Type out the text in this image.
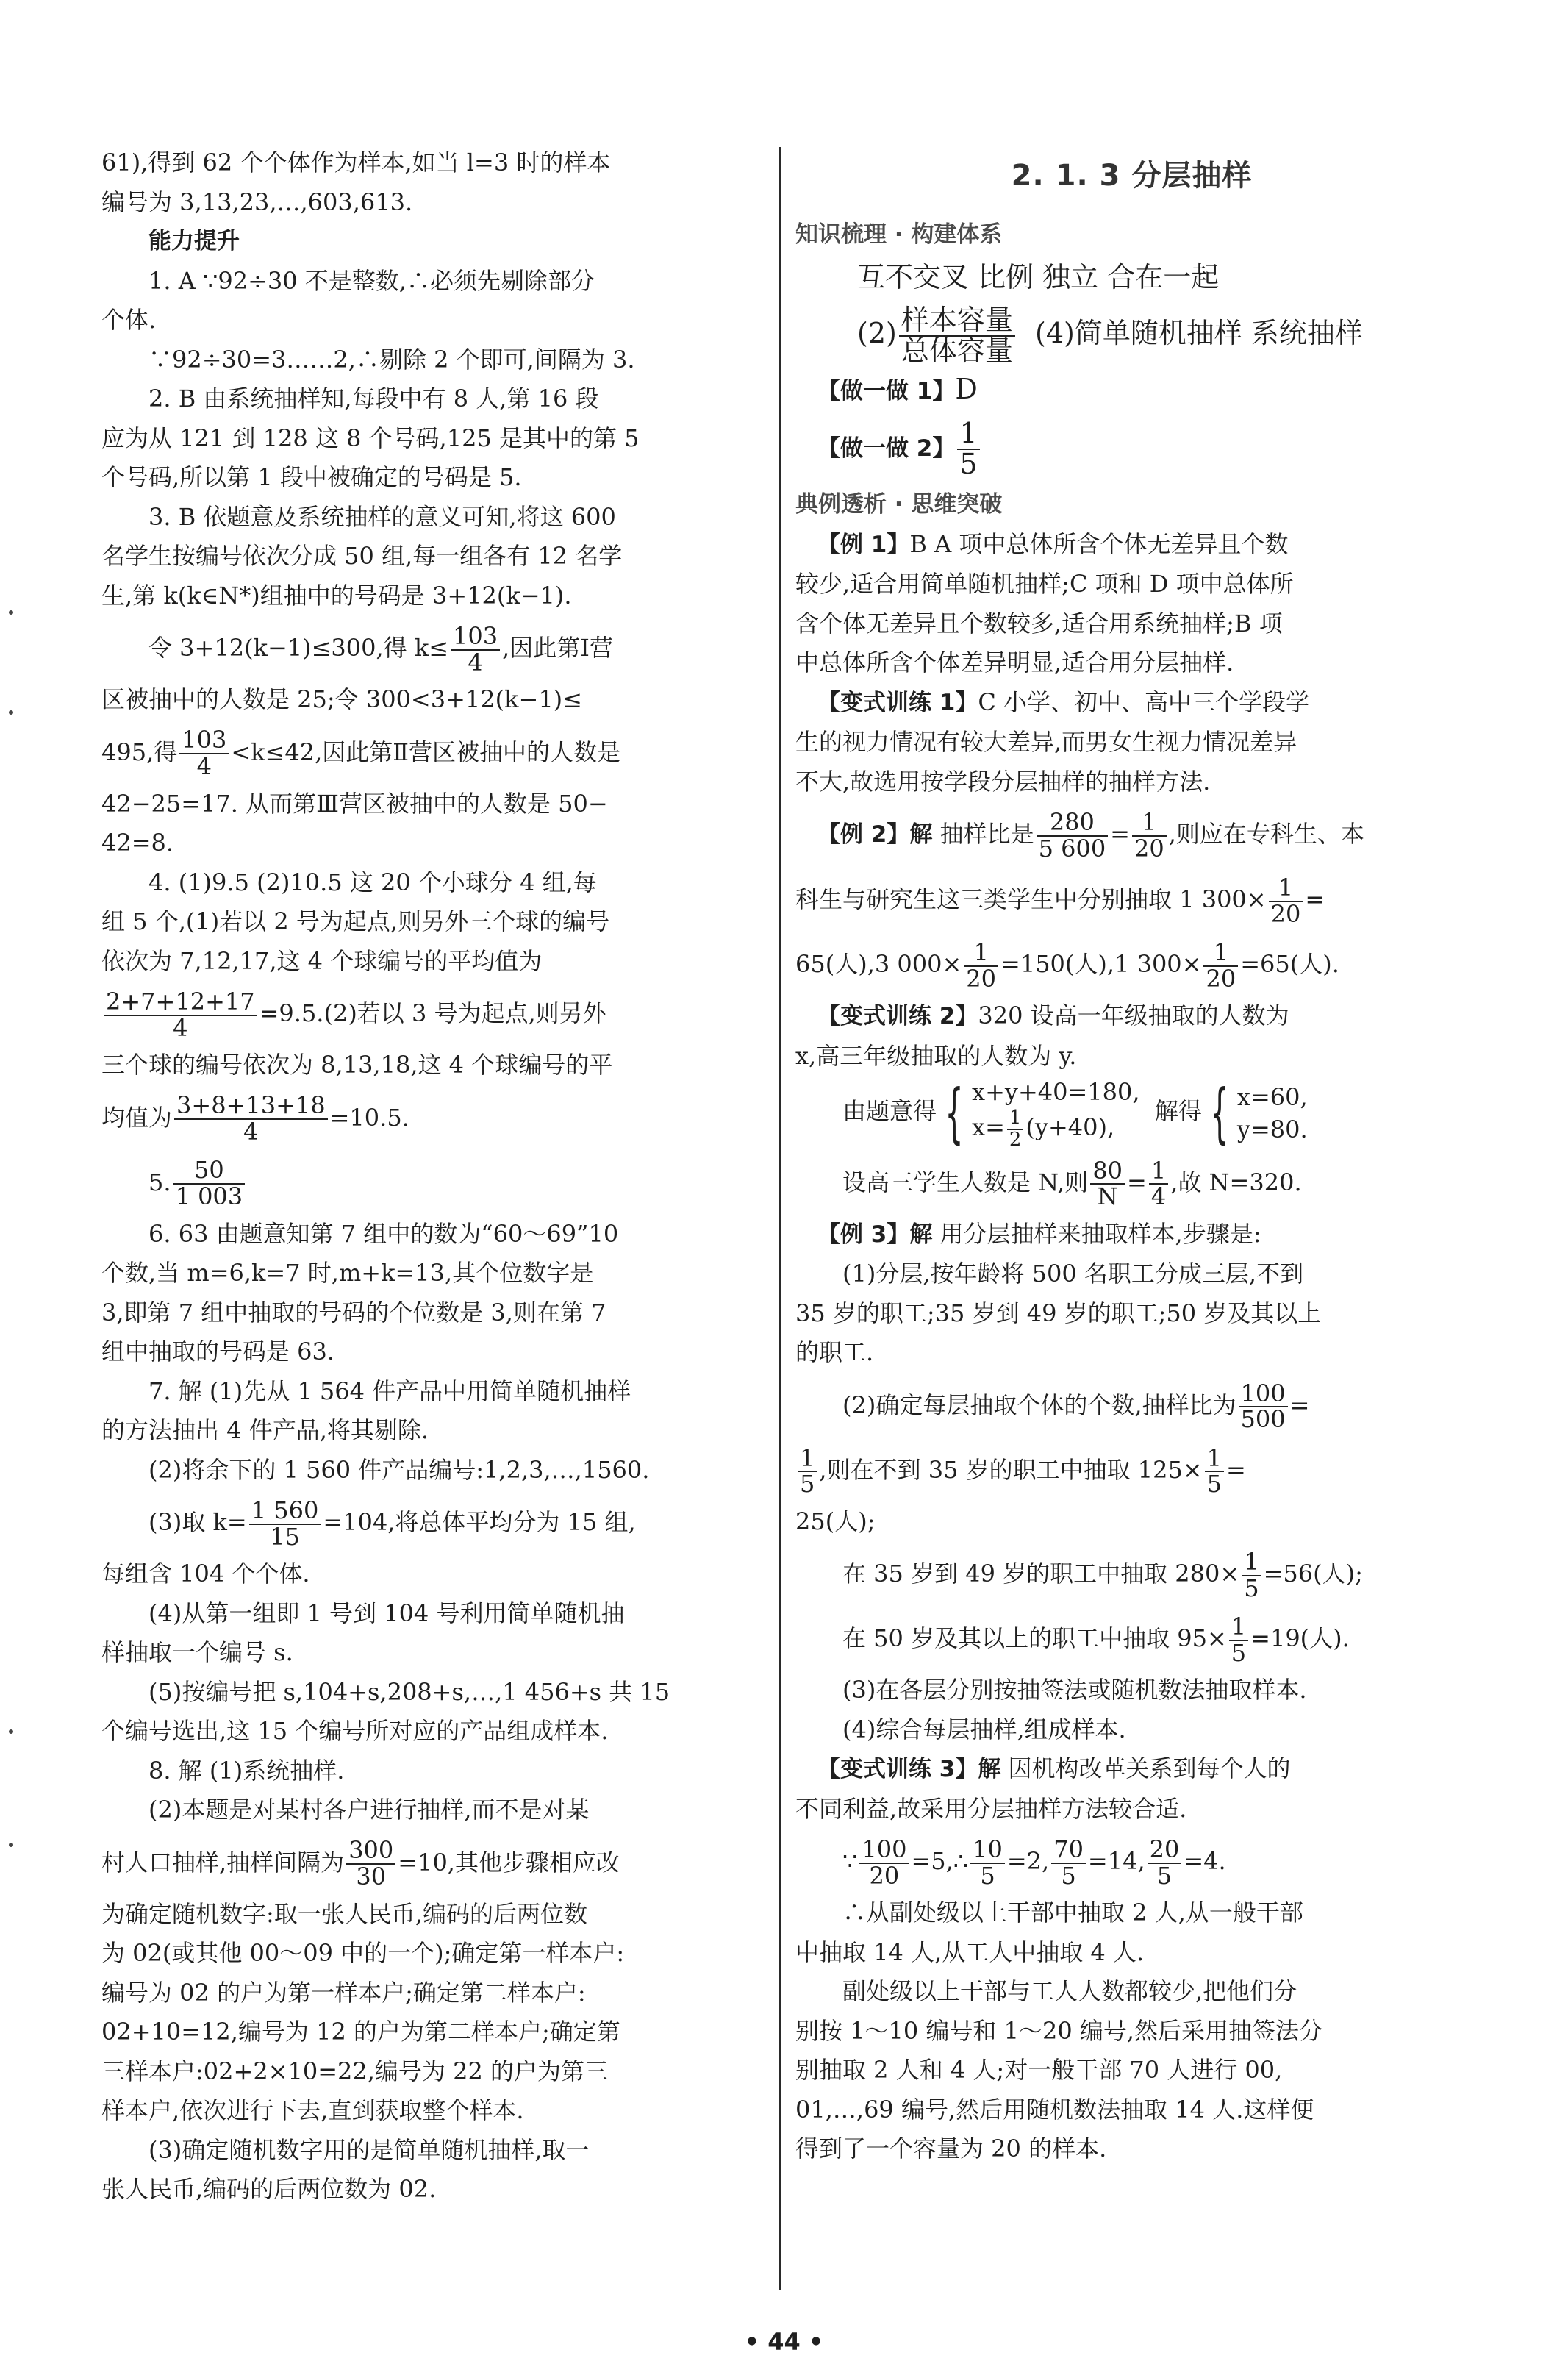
61),得到 62 个个体作为样本,如当 l=3 时的样本

编号为 3,13,23,…,603,613.

能力提升

1. A ∵92÷30 不是整数,∴必须先剔除部分

个体.

∵92÷30=3……2,∴剔除 2 个即可,间隔为 3.

2. B 由系统抽样知,每段中有 8 人,第 16 段

应为从 121 到 128 这 8 个号码,125 是其中的第 5

个号码,所以第 1 段中被确定的号码是 5.

3. B 依题意及系统抽样的意义可知,将这 600

名学生按编号依次分成 50 组,每一组各有 12 名学

生,第 k(k∈N*)组抽中的号码是 3+12(k−1).

令 3+12(k−1)≤300,得 $k\le \frac{103}{4}$ ,因此第Ⅰ营

区被抽中的人数是 25;令 300<3+12(k−1)≤

495,得 $\frac{103}{4} <k\le 42$,因此第Ⅱ营区被抽中的人数是

42−25=17. 从而第Ⅲ营区被抽中的人数是 50−

42=8.

4. (1)9.5 (2)10.5 这 20 个小球分 4 组,每

组 5 个,(1)若以 2 号为起点,则另外三个球的编号

依次为 7,12,17,这 4 个球编号的平均值为

$\frac{2+7+12+17}{4} =9.5.(2)$若以 3 号为起点,则另外

三个球的编号依次为 8,13,18,这 4 个球编号的平

均值为 $\frac{3+8+13+18}{4} =10.5$.

5. $\frac{50}{1 003}$

6. 63 由题意知第 7 组中的数为“60～69”10

个数,当 m=6,k=7 时,m+k=13,其个位数字是

3,即第 7 组中抽取的号码的个位数是 3,则在第 7

组中抽取的号码是 63.

7. 解 (1)先从 1 564 件产品中用简单随机抽样

的方法抽出 4 件产品,将其剔除.

(2)将余下的 1 560 件产品编号:1,2,3,…,1560.

(3)取 $k= \frac{1 560}{15} =104$,将总体平均分为 15 组,

每组含 104 个个体.

(4)从第一组即 1 号到 104 号利用简单随机抽

样抽取一个编号 s.

(5)按编号把 s,104+s,208+s,…,1 456+s 共 15

个编号选出,这 15 个编号所对应的产品组成样本.

8. 解 (1)系统抽样.

(2)本题是对某村各户进行抽样,而不是对某

村人口抽样,抽样间隔为 $\frac{300}{30} =10$,其他步骤相应改

为确定随机数字:取一张人民币,编码的后两位数

为 02(或其他 00～09 中的一个);确定第一样本户:

编号为 02 的户为第一样本户;确定第二样本户:

02+10=12,编号为 12 的户为第二样本户;确定第

三样本户:02+2×10=22,编号为 22 的户为第三

样本户,依次进行下去,直到获取整个样本.

(3)确定随机数字用的是简单随机抽样,取一

张人民币,编码的后两位数为 02.

2. 1. 3 分层抽样

知识梳理 · 构建体系

互不交叉 比例 独立 合在一起

$(2) \frac{\text{样本容量}}{\text{总体容量}} (4)$简单随机抽样 系统抽样

【做一做 1】D

【做一做 2】 $\frac{1}{5}$

典例透析 · 思维突破

【例 1】B A 项中总体所含个体无差异且个数

较少,适合用简单随机抽样;C 项和 D 项中总体所

含个体无差异且个数较多,适合用系统抽样;B 项

中总体所含个体差异明显,适合用分层抽样.

【变式训练 1】C 小学、初中、高中三个学段学

生的视力情况有较大差异,而男女生视力情况差异

不大,故选用按学段分层抽样的抽样方法.

【例 2】解 抽样比是 $\frac{280}{5 600} = \frac{1}{20}$ ,则应在专科生、本

科生与研究生这三类学生中分别抽取 1 $300\times \frac{1}{20}$ =

65(人),3 $000\times \frac{1}{20} =150$(人),1 $300\times \frac{1}{20} =65$(人).

【变式训练 2】320 设高一年级抽取的人数为

x,高三年级抽取的人数为 y.

由题意得 { x+y+40=180,
$x= \frac{1}{2} (y+40)$,
解得 { x=60,
y=80.

设高三学生人数是 N,则 $\frac{80}{N} = \frac{1}{4}$ ,故 N=320.

【例 3】解 用分层抽样来抽取样本,步骤是:

(1)分层,按年龄将 500 名职工分成三层,不到

35 岁的职工;35 岁到 49 岁的职工;50 岁及其以上

的职工.

(2)确定每层抽取个体的个数,抽样比为 $\frac{100}{500}$ =

$\frac{1}{5}$ ,则在不到 35 岁的职工中抽取 $125\times \frac{1}{5}$ =

25(人);

在 35 岁到 49 岁的职工中抽取 $280\times \frac{1}{5} =56$(人);

在 50 岁及其以上的职工中抽取 $95\times \frac{1}{5} =19$(人).

(3)在各层分别按抽签法或随机数法抽取样本.

(4)综合每层抽样,组成样本.

【变式训练 3】解 因机构改革关系到每个人的

不同利益,故采用分层抽样方法较合适.

∵ $\frac{100}{20}$ =5,∴ $\frac{10}{5} =2$, $\frac{70}{5} =14$, $\frac{20}{5} =4$.

∴从副处级以上干部中抽取 2 人,从一般干部

中抽取 14 人,从工人中抽取 4 人.

副处级以上干部与工人人数都较少,把他们分

别按 1～10 编号和 1～20 编号,然后采用抽签法分

别抽取 2 人和 4 人;对一般干部 70 人进行 00,

01,…,69 编号,然后用随机数法抽取 14 人.这样便

得到了一个容量为 20 的样本.

• 44 •
